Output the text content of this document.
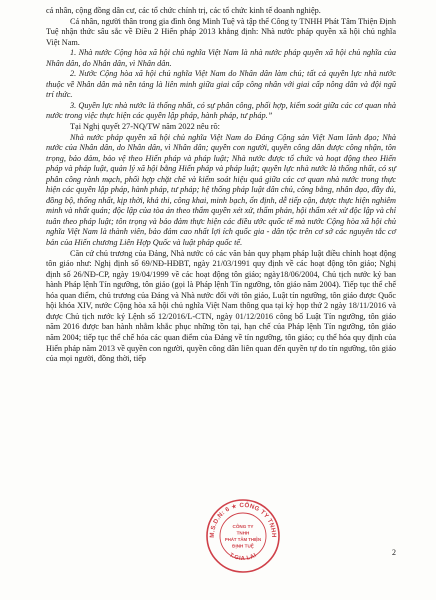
cá nhân, cộng đồng dân cư, các tổ chức chính trị, các tổ chức kinh tế doanh nghiệp.

Cá nhân, người thân trong gia đình ông Minh Tuệ và tập thể Công ty TNHH Phát Tâm Thiện Định Tuệ nhận thức sâu sắc về Điều 2 Hiến pháp 2013 khẳng định: Nhà nước pháp quyền xã hội chủ nghĩa Việt Nam.

1. Nhà nước Cộng hòa xã hội chủ nghĩa Việt Nam là nhà nước pháp quyền xã hội chủ nghĩa của Nhân dân, do Nhân dân, vì Nhân dân.

2. Nước Cộng hòa xã hội chủ nghĩa Việt Nam do Nhân dân làm chủ; tất cả quyền lực nhà nước thuộc về Nhân dân mà nền tảng là liên minh giữa giai cấp công nhân với giai cấp nông dân và đội ngũ trí thức.

3. Quyền lực nhà nước là thống nhất, có sự phân công, phối hợp, kiểm soát giữa các cơ quan nhà nước trong việc thực hiện các quyền lập pháp, hành pháp, tư pháp.”

Tại Nghị quyết 27-NQ/TW năm 2022 nêu rõ:

Nhà nước pháp quyền xã hội chủ nghĩa Việt Nam do Đảng Cộng sản Việt Nam lãnh đạo; Nhà nước của Nhân dân, do Nhân dân, vì Nhân dân; quyền con người, quyền công dân được công nhận, tôn trọng, bảo đảm, bảo vệ theo Hiến pháp và pháp luật; Nhà nước được tổ chức và hoạt động theo Hiến pháp và pháp luật, quản lý xã hội bằng Hiến pháp và pháp luật; quyền lực nhà nước là thống nhất, có sự phân công rành mạch, phối hợp chặt chẽ và kiểm soát hiệu quả giữa các cơ quan nhà nước trong thực hiện các quyền lập pháp, hành pháp, tư pháp; hệ thống pháp luật dân chủ, công bằng, nhân đạo, đầy đủ, đồng bộ, thống nhất, kịp thời, khả thi, công khai, minh bạch, ổn định, dễ tiếp cận, được thực hiện nghiêm minh và nhất quán; độc lập của tòa án theo thẩm quyền xét xử, thẩm phán, hội thẩm xét xử độc lập và chỉ tuân theo pháp luật; tôn trọng và bảo đảm thực hiện các điều ước quốc tế mà nước Cộng hòa xã hội chủ nghĩa Việt Nam là thành viên, bảo đảm cao nhất lợi ích quốc gia - dân tộc trên cơ sở các nguyên tắc cơ bản của Hiến chương Liên Hợp Quốc và luật pháp quốc tế.

Căn cứ chủ trương của Đảng, Nhà nước có các văn bản quy phạm pháp luật điều chỉnh hoạt động tôn giáo như: Nghị định số 69/NĐ-HĐBT, ngày 21/03/1991 quy định về các hoạt động tôn giáo; Nghị định số 26/NĐ-CP, ngày 19/04/1999 về các hoạt động tôn giáo; ngày18/06/2004, Chủ tịch nước ký ban hành Pháp lệnh Tín ngưỡng, tôn giáo (gọi là Pháp lệnh Tín ngưỡng, tôn giáo năm 2004). Tiếp tục thể chế hóa quan điểm, chủ trương của Đảng và Nhà nước đối với tôn giáo, Luật tín ngưỡng, tôn giáo được Quốc hội khóa XIV, nước Cộng hòa xã hội chủ nghĩa Việt Nam thông qua tại kỳ họp thứ 2 ngày 18/11/2016 và được Chủ tịch nước ký Lệnh số 12/2016/L-CTN, ngày 01/12/2016 công bố Luật Tín ngưỡng, tôn giáo năm 2016 được ban hành nhằm khắc phục những tồn tại, hạn chế của Pháp lệnh Tín ngưỡng, tôn giáo năm 2004; tiếp tục thể chế hóa các quan điểm của Đảng về tín ngưỡng, tôn giáo; cụ thể hóa quy định của Hiến pháp năm 2013 về quyền con người, quyền công dân liên quan đến quyền tự do tín ngưỡng, tôn giáo của mọi người, đồng thời, tiếp

M.S.D.N: 6 ★ CÔNG TY TNHH
T.GIA LAI
CÔNG TY
TNHH
PHÁT TÂM THIỆN
ĐỊNH TUỆ
2
